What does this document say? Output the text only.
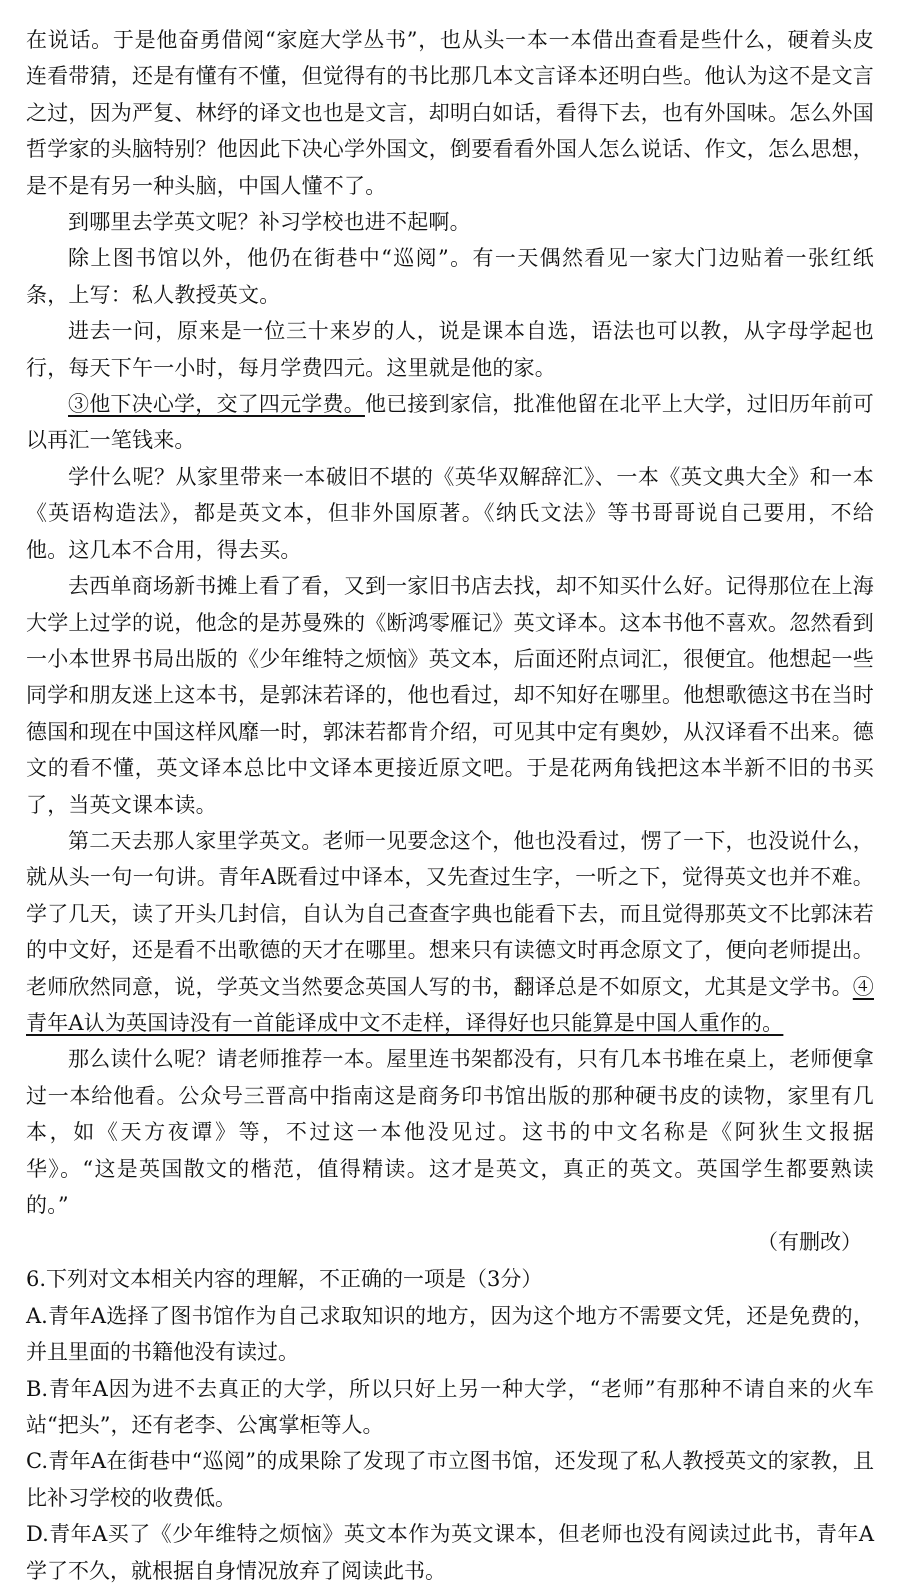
在说话。于是他奋勇借阅“家庭大学丛书”，也从头一本一本借出查看是些什么，硬着头皮连看带猜，还是有懂有不懂，但觉得有的书比那几本文言译本还明白些。他认为这不是文言之过，因为严复、林纾的译文也也是文言，却明白如话，看得下去，也有外国味。怎么外国哲学家的头脑特别？他因此下决心学外国文，倒要看看外国人怎么说话、作文，怎么思想，是不是有另一种头脑，中国人懂不了。

到哪里去学英文呢？补习学校也进不起啊。

除上图书馆以外，他仍在街巷中“巡阅”。有一天偶然看见一家大门边贴着一张红纸条，上写：私人教授英文。

进去一问，原来是一位三十来岁的人，说是课本自选，语法也可以教，从字母学起也行，每天下午一小时，每月学费四元。这里就是他的家。

③他下决心学，交了四元学费。他已接到家信，批准他留在北平上大学，过旧历年前可以再汇一笔钱来。

学什么呢？从家里带来一本破旧不堪的《英华双解辞汇》、一本《英文典大全》和一本《英语构造法》，都是英文本，但非外国原著。《纳氏文法》等书哥哥说自己要用，不给他。这几本不合用，得去买。

去西单商场新书摊上看了看，又到一家旧书店去找，却不知买什么好。记得那位在上海大学上过学的说，他念的是苏曼殊的《断鸿零雁记》英文译本。这本书他不喜欢。忽然看到一小本世界书局出版的《少年维特之烦恼》英文本，后面还附点词汇，很便宜。他想起一些同学和朋友迷上这本书，是郭沫若译的，他也看过，却不知好在哪里。他想歌德这书在当时德国和现在中国这样风靡一时，郭沫若都肯介绍，可见其中定有奥妙，从汉译看不出来。德文的看不懂，英文译本总比中文译本更接近原文吧。于是花两角钱把这本半新不旧的书买了，当英文课本读。

第二天去那人家里学英文。老师一见要念这个，他也没看过，愣了一下，也没说什么，就从头一句一句讲。青年A既看过中译本，又先查过生字，一听之下，觉得英文也并不难。学了几天，读了开头几封信，自认为自己查查字典也能看下去，而且觉得那英文不比郭沫若的中文好，还是看不出歌德的天才在哪里。想来只有读德文时再念原文了，便向老师提出。老师欣然同意，说，学英文当然要念英国人写的书，翻译总是不如原文，尤其是文学书。④青年A认为英国诗没有一首能译成中文不走样，译得好也只能算是中国人重作的。

那么读什么呢？请老师推荐一本。屋里连书架都没有，只有几本书堆在桌上，老师便拿过一本给他看。公众号三晋高中指南这是商务印书馆出版的那种硬书皮的读物，家里有几本，如《天方夜谭》等，不过这一本他没见过。这书的中文名称是《阿狄生文报据华》。“这是英国散文的楷范，值得精读。这才是英文，真正的英文。英国学生都要熟读的。”

（有删改）

6.下列对文本相关内容的理解，不正确的一项是（3分）

A.青年A选择了图书馆作为自己求取知识的地方，因为这个地方不需要文凭，还是免费的，并且里面的书籍他没有读过。

B.青年A因为进不去真正的大学，所以只好上另一种大学，“老师”有那种不请自来的火车站“把头”，还有老李、公寓掌柜等人。

C.青年A在街巷中“巡阅”的成果除了发现了市立图书馆，还发现了私人教授英文的家教，且比补习学校的收费低。

D.青年A买了《少年维特之烦恼》英文本作为英文课本，但老师也没有阅读过此书，青年A学了不久，就根据自身情况放弃了阅读此书。
